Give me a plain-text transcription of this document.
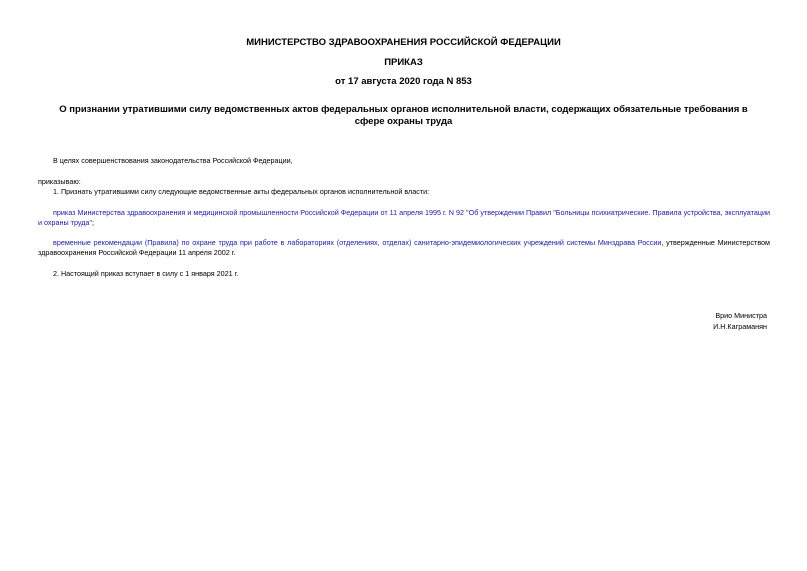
МИНИСТЕРСТВО ЗДРАВООХРАНЕНИЯ РОССИЙСКОЙ ФЕДЕРАЦИИ
ПРИКАЗ
от 17 августа 2020 года N 853
О признании утратившими силу ведомственных актов федеральных органов исполнительной власти, содержащих обязательные требования в сфере охраны труда
В целях совершенствования законодательства Российской Федерации,
приказываю:
1. Признать утратившими силу следующие ведомственные акты федеральных органов исполнительной власти:
приказ Министерства здравоохранения и медицинской промышленности Российской Федерации от 11 апреля 1995 г. N 92 "Об утверждении Правил "Больницы психиатрические. Правила устройства, эксплуатации и охраны труда";
временные рекомендации (Правила) по охране труда при работе в лабораториях (отделениях, отделах) санитарно-эпидемиологических учреждений системы Минздрава России, утвержденные Министерством здравоохранения Российской Федерации 11 апреля 2002 г.
2. Настоящий приказ вступает в силу с 1 января 2021 г.
Врио Министра
И.Н.Каграманян
